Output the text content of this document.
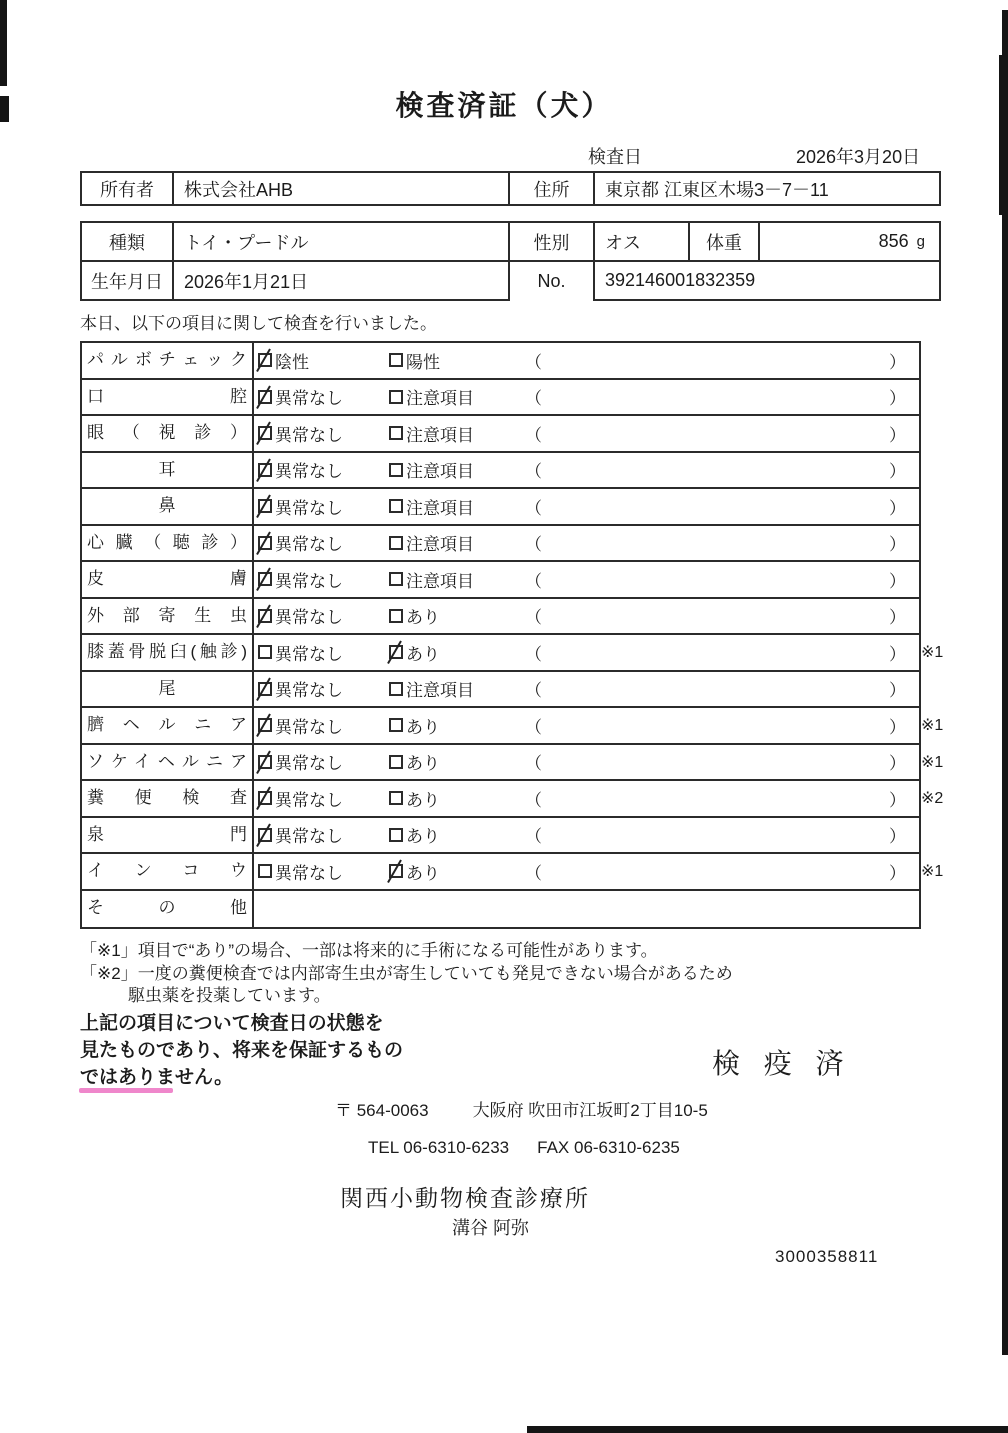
検査済証（犬）
検査日	2026年3月20日
所有者	株式会社AHB	住所	東京都 江東区木場3－7－11
種類	トイ・プードル	性別	オス	体重	856 g
生年月日	2026年1月21日	No.	392146001832359
本日、以下の項目に関して検査を行いました。
パルボチェック	陰性	陽性	（	）
口腔	異常なし	注意項目	（	）
眼（視診）	異常なし	注意項目	（	）
耳	異常なし	注意項目	（	）
鼻	異常なし	注意項目	（	）
心臓（聴診）	異常なし	注意項目	（	）
皮膚	異常なし	注意項目	（	）
外部寄生虫	異常なし	あり	（	）
膝蓋骨脱臼(触診)	異常なし	あり	（	） ※1
尾	異常なし	注意項目	（	）
臍ヘルニア	異常なし	あり	（	） ※1
ソケイヘルニア	異常なし	あり	（	） ※1
糞便検査	異常なし	あり	（	） ※2
泉門	異常なし	あり	（	）
インコウ	異常なし	あり	（	） ※1
その他
「※1」項目で“あり”の場合、一部は将来的に手術になる可能性があります。
「※2」一度の糞便検査では内部寄生虫が寄生していても発見できない場合があるため
駆虫薬を投薬しています。
上記の項目について検査日の状態を
見たものであり、将来を保証するもの
ではありません。	検 疫 済
〒 564-0063	大阪府 吹田市江坂町2丁目10-5
TEL 06-6310-6233 FAX 06-6310-6235
関西小動物検査診療所
溝谷 阿弥
3000358811
